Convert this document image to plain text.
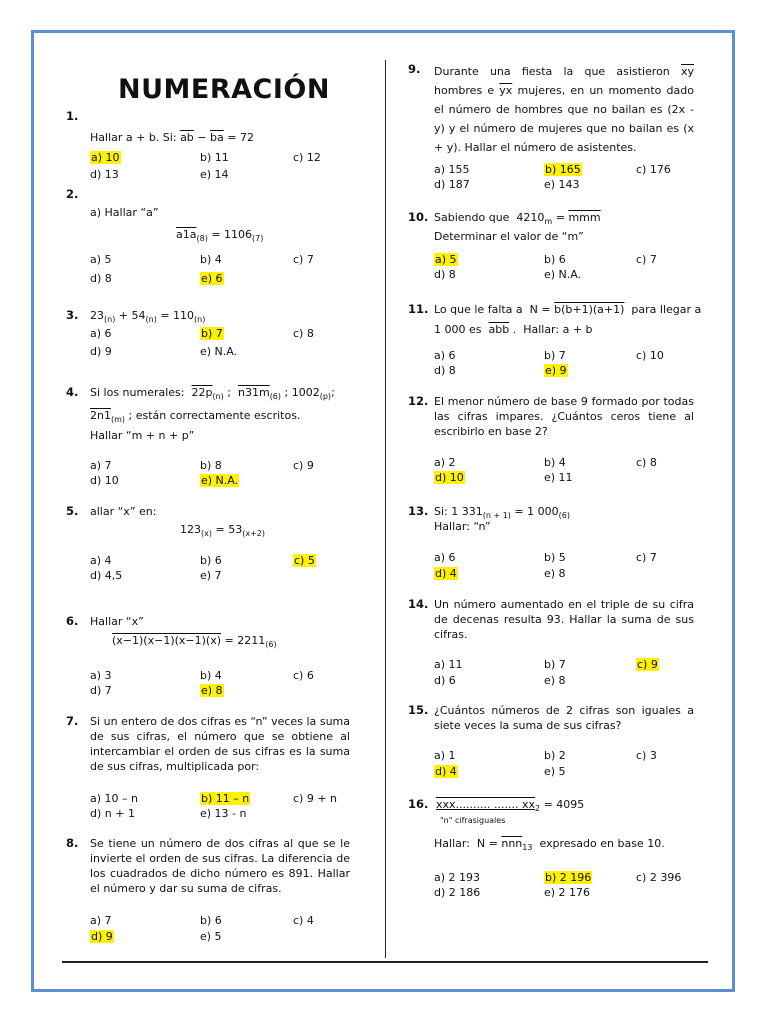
NUMERACIÓN
1.
Hallar a + b. Si: $\overline{ab} - \overline{ba} = 72$
a) 10	b) 11	c) 12
d) 13	e) 14
2.
a) Hallar “a”
$a1a_{(8)} = 1106_{(7)}$
a) 5	b) 4	c) 7
d) 8	e) 6
3. $23_{(n)} + 54_{(n)} = 110_{(n)}$
a) 6	b) 7	c) 8
d) 9	e) N.A.
4. Si los numerales:  $22p_{(n)}$ ;  $n31m_{(6)}$ ; $1002_{(p)}$;
$2n1_{(m)}$ ; están correctamente escritos.
Hallar “m + n + p”
a) 7	b) 8	c) 9
d) 10	e) N.A.
5. allar “x” en:
$123_{(x)} = 53_{(x+2)}$
a) 4	b) 6	c) 5
d) 4,5	e) 7
6. Hallar “x”
$(x-1)(x-1)(x-1)(x) = 2211_{(6)}$
a) 3	b) 4	c) 6
d) 7	e) 8
7. Si un entero de dos cifras es “n” veces la suma de sus cifras, el número que se obtiene al intercambiar el orden de sus cifras es la suma de sus cifras, multiplicada por:
a) 10 – n	b) 11 – n	c) 9 + n
d) n + 1	e) 13 - n
8. Se tiene un número de dos cifras al que se le invierte el orden de sus cifras. La diferencia de los cuadrados de dicho número es 891. Hallar el número y dar su suma de cifras.
a) 7	b) 6	c) 4
d) 9	e) 5
9. Durante una fiesta la que asistieron $\overline{xy}$ hombres e $\overline{yx}$ mujeres, en un momento dado el número de hombres que no bailan es (2x - y) y el número de mujeres que no bailan es (x + y). Hallar el número de asistentes.
a) 155	b) 165	c) 176
d) 187	e) 143
10. Sabiendo que  $4210_m = \overline{mmm}$
Determinar el valor de “m”
a) 5	b) 6	c) 7
d) 8	e) N.A.
11. Lo que le falta a  N = b(b+1)(a+1)  para llegar a
1 000 es  $\overline{abb}$ .  Hallar: a + b
a) 6	b) 7	c) 10
d) 8	e) 9
12. El menor número de base 9 formado por todas las cifras impares. ¿Cuántos ceros tiene al escribirlo en base 2?
a) 2	b) 4	c) 8
d) 10	e) 11
13. Si: 1 $331_{(n + 1)} = 1$ $000_{(6)}$
Hallar: “n”
a) 6	b) 5	c) 7
d) 4	e) 8
14. Un número aumentado en el triple de su cifra de decenas resulta 93. Hallar la suma de sus cifras.
a) 11	b) 7	c) 9
d) 6	e) 8
15. ¿Cuántos números de 2 cifras son iguales a siete veces la suma de sus cifras?
a) 1	b) 2	c) 3
d) 4	e) 5
16. xxx.......... ....... $xx_2 = 4095$
"n" cifrasiguales
Hallar:  $N = \overline{nnn}_{13}$  expresado en base 10.
a) 2 193	b) 2 196	c) 2 396
d) 2 186	e) 2 176
